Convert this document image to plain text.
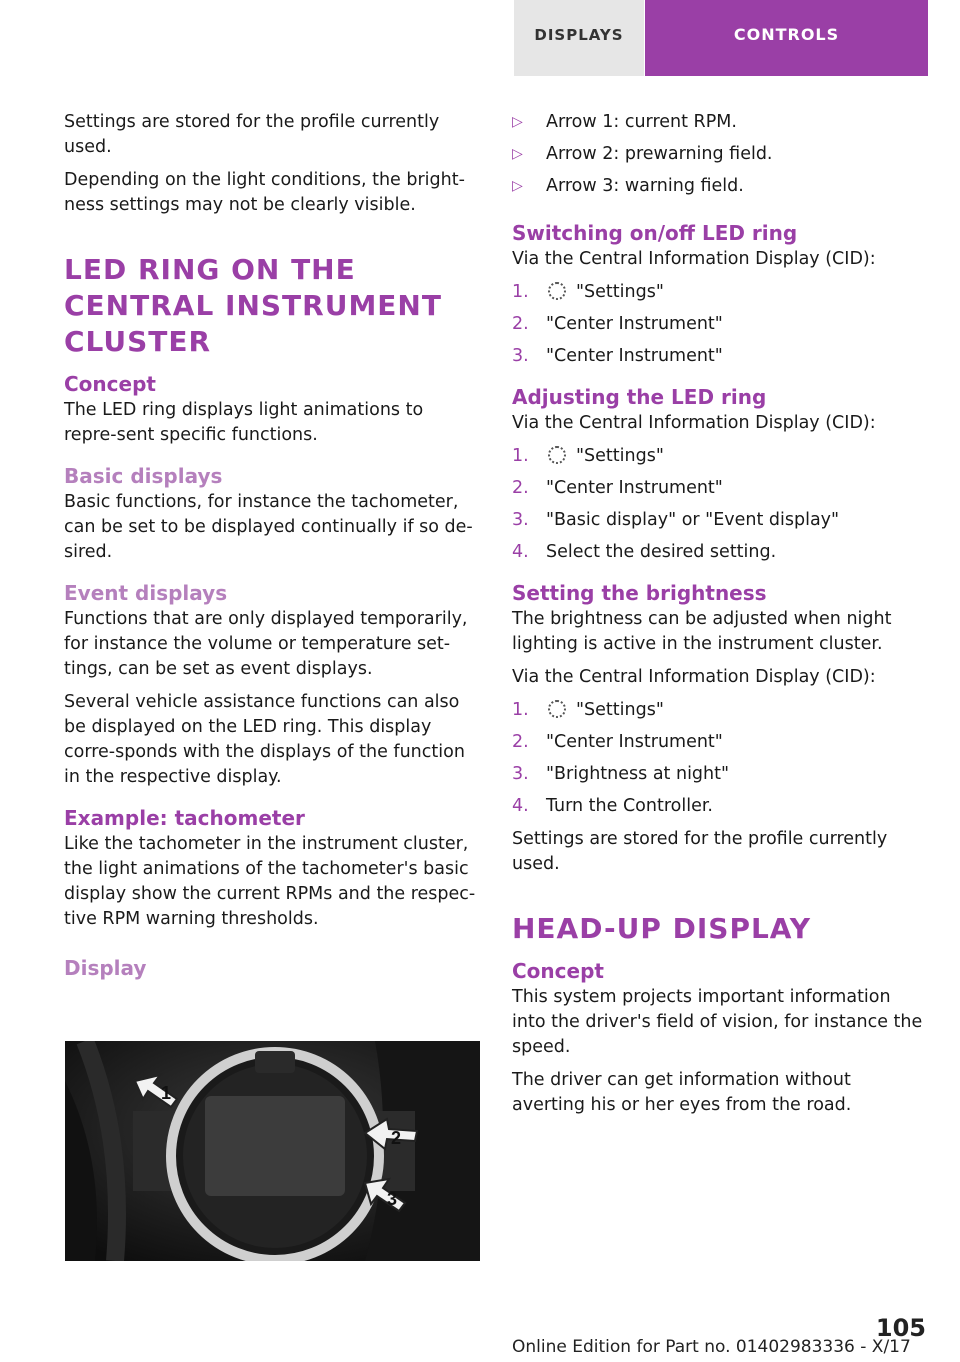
DISPLAYS	CONTROLS

Settings are stored for the profile currently used.

Depending on the light conditions, the bright‐ness settings may not be clearly visible.

LED RING ON THE CENTRAL INSTRUMENT CLUSTER
Concept

The LED ring displays light animations to repre‐sent specific functions.

Basic displays

Basic functions, for instance the tachometer, can be set to be displayed continually if so de‐sired.

Event displays

Functions that are only displayed temporarily, for instance the volume or temperature set‐tings, can be set as event displays.

Several vehicle assistance functions can also be displayed on the LED ring. This display corre‐sponds with the displays of the function in the respective display.

Example: tachometer

Like the tachometer in the instrument cluster, the light animations of the tachometer's basic display show the current RPMs and the respec‐tive RPM warning thresholds.

Display
1
2
3
▷ Arrow 1: current RPM.
▷ Arrow 2: prewarning field.
▷ Arrow 3: warning field.
Switching on/off LED ring

Via the Central Information Display (CID):

1.	"Settings"
2. "Center Instrument"
3. "Center Instrument"
Adjusting the LED ring

Via the Central Information Display (CID):

1.	"Settings"
2. "Center Instrument"
3. "Basic display" or "Event display"
4. Select the desired setting.
Setting the brightness

The brightness can be adjusted when night lighting is active in the instrument cluster.

Via the Central Information Display (CID):

1.	"Settings"
2. "Center Instrument"
3. "Brightness at night"
4. Turn the Controller.

Settings are stored for the profile currently used.

HEAD-UP DISPLAY
Concept

This system projects important information into the driver's field of vision, for instance the speed.

The driver can get information without averting his or her eyes from the road.

105
Online Edition for Part no. 01402983336 - X/17
